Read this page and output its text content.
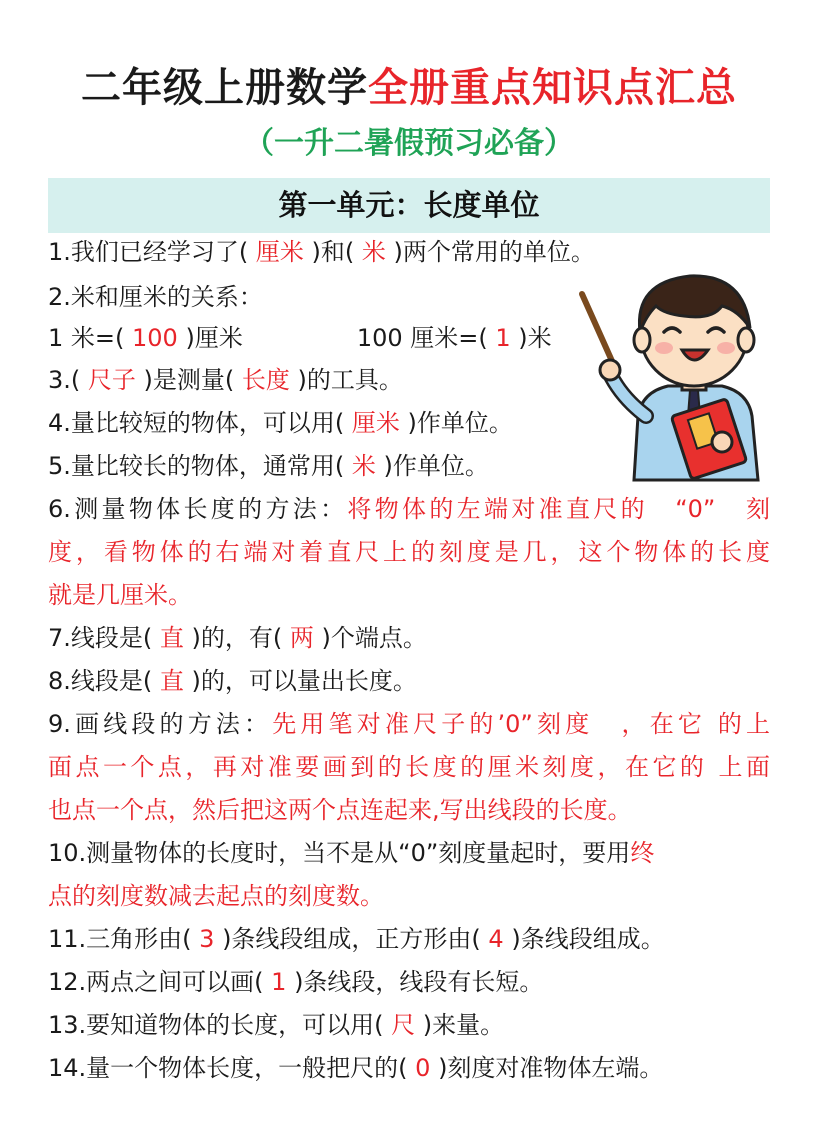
二年级上册数学全册重点知识点汇总
（一升二暑假预习必备）
第一单元：长度单位
1.我们已经学习了( 厘米 )和( 米 )两个常用的单位。
2.米和厘米的关系：
1 米=( 100 )厘米	100 厘米=( 1 )米
3.( 尺子 )是测量( 长度 )的工具。
4.量比较短的物体，可以用( 厘米 )作单位。
5.量比较长的物体，通常用( 米 )作单位。
6.测量物体长度的方法：将物体的左端对准直尺的　“0”　刻
度，看物体的右端对着直尺上的刻度是几，这个物体的长度
就是几厘米。
7.线段是( 直 )的，有( 两 )个端点。
8.线段是( 直 )的，可以量出长度。
9.画线段的方法：先用笔对准尺子的’0”刻度　，在它 的上
面点一个点，再对准要画到的长度的厘米刻度，在它的 上面
也点一个点，然后把这两个点连起来,写出线段的长度。
10.测量物体的长度时，当不是从“0”刻度量起时，要用终
点的刻度数减去起点的刻度数。
11.三角形由( 3 )条线段组成，正方形由( 4 )条线段组成。
12.两点之间可以画( 1 )条线段，线段有长短。
13.要知道物体的长度，可以用( 尺 )来量。
14.量一个物体长度，一般把尺的( 0 )刻度对准物体左端。
